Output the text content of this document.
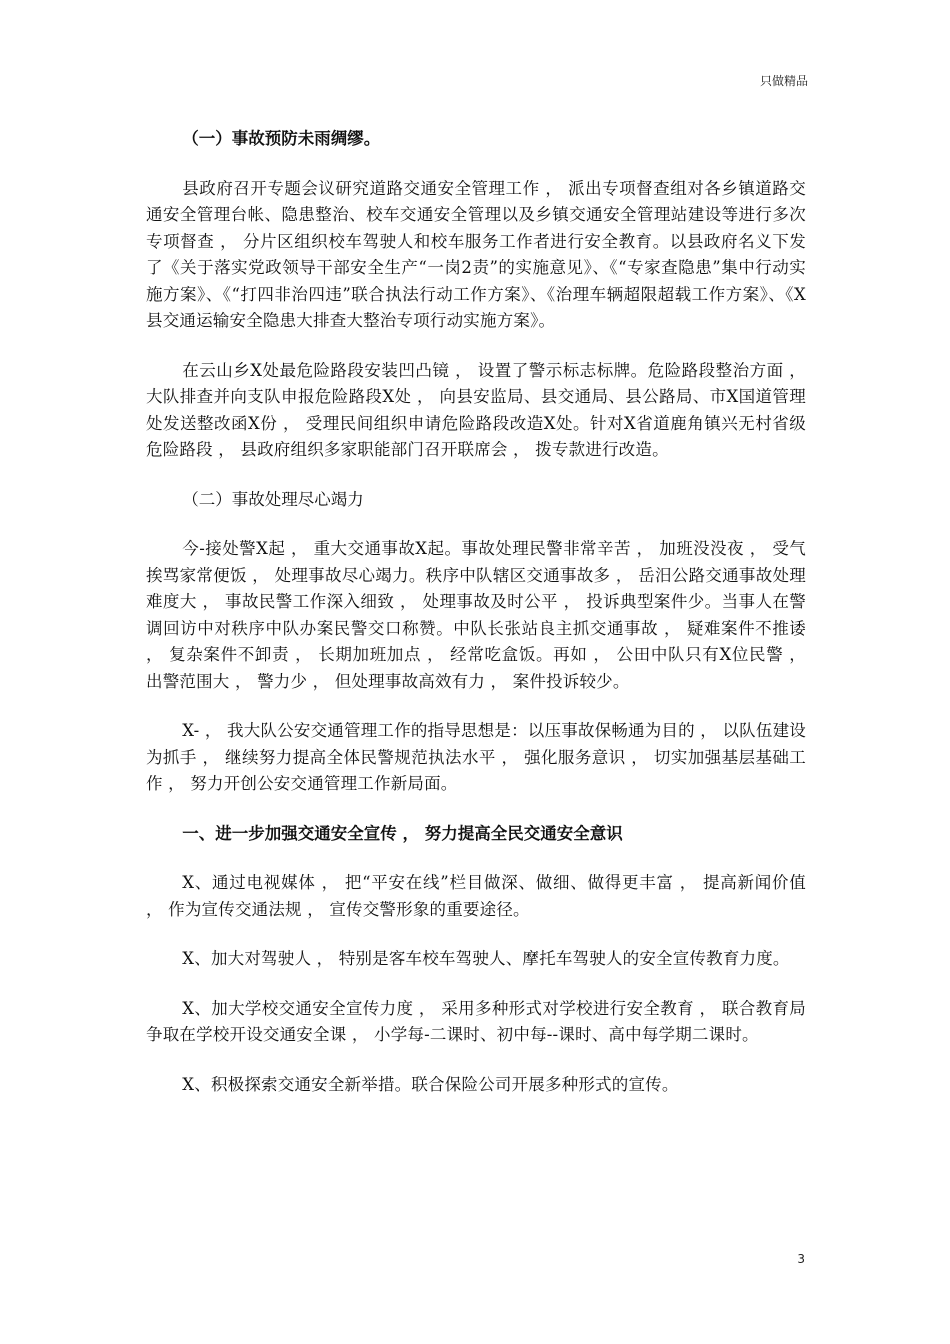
只做精品

（一）事故预防未雨绸缪。

县政府召开专题会议研究道路交通安全管理工作 ， 派出专项督查组对各乡镇道路交通安全管理台帐、隐患整治、校车交通安全管理以及乡镇交通安全管理站建设等进行多次专项督查 ， 分片区组织校车驾驶人和校车服务工作者进行安全教育。以县政府名义下发了《关于落实党政领导干部安全生产“一岗2责”的实施意见》、《“专家查隐患”集中行动实施方案》、《“打四非治四违”联合执法行动工作方案》、《治理车辆超限超载工作方案》、《X县交通运输安全隐患大排查大整治专项行动实施方案》。

在云山乡X处最危险路段安装凹凸镜 ， 设置了警示标志标牌。危险路段整治方面 ， 大队排查并向支队申报危险路段X处 ， 向县安监局、县交通局、县公路局、市X国道管理处发送整改函X份 ， 受理民间组织申请危险路段改造X处。针对X省道鹿角镇兴无村省级危险路段 ， 县政府组织多家职能部门召开联席会 ， 拨专款进行改造。

（二）事故处理尽心竭力

今-接处警X起 ， 重大交通事故X起。事故处理民警非常辛苦 ， 加班没没夜 ， 受气挨骂家常便饭 ， 处理事故尽心竭力。秩序中队辖区交通事故多 ， 岳汨公路交通事故处理难度大 ， 事故民警工作深入细致 ， 处理事故及时公平 ， 投诉典型案件少。当事人在警调回访中对秩序中队办案民警交口称赞。中队长张站良主抓交通事故 ， 疑难案件不推诿 ， 复杂案件不卸责 ， 长期加班加点 ， 经常吃盒饭。再如 ， 公田中队只有X位民警 ， 出警范围大 ， 警力少 ， 但处理事故高效有力 ， 案件投诉较少。

X- ， 我大队公安交通管理工作的指导思想是：以压事故保畅通为目的 ， 以队伍建设为抓手 ， 继续努力提高全体民警规范执法水平 ， 强化服务意识 ， 切实加强基层基础工作 ， 努力开创公安交通管理工作新局面。

一、进一步加强交通安全宣传 ， 努力提高全民交通安全意识

X、通过电视媒体 ， 把“平安在线”栏目做深、做细、做得更丰富 ， 提高新闻价值 ， 作为宣传交通法规 ， 宣传交警形象的重要途径。

X、加大对驾驶人 ， 特别是客车校车驾驶人、摩托车驾驶人的安全宣传教育力度。

X、加大学校交通安全宣传力度 ， 采用多种形式对学校进行安全教育 ， 联合教育局争取在学校开设交通安全课 ， 小学每-二课时、初中每--课时、高中每学期二课时。

X、积极探索交通安全新举措。联合保险公司开展多种形式的宣传。

3
